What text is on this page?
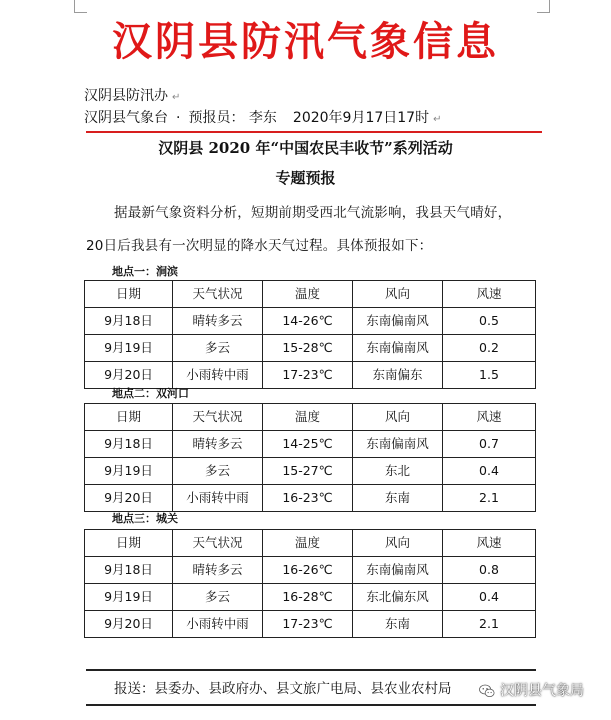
汉阴县防汛气象信息
汉阴县防汛办 ↵
汉阴县气象台 · 预报员： 李东 2020年9月17日17时 ↵
汉阴县 2020 年“中国农民丰收节”系列活动
专题预报
据最新气象资料分析，短期前期受西北气流影响，我县天气晴好，
20日后我县有一次明显的降水天气过程。具体预报如下：
地点一：涧滨
日期	天气状况	温度	风向	风速
9月18日	晴转多云	14-26℃	东南偏南风	0.5
9月19日	多云	15-28℃	东南偏南风	0.2
9月20日	小雨转中雨	17-23℃	东南偏东	1.5
地点二：双河口
日期	天气状况	温度	风向	风速
9月18日	晴转多云	14-25℃	东南偏南风	0.7
9月19日	多云	15-27℃	东北	0.4
9月20日	小雨转中雨	16-23℃	东南	2.1
地点三：城关
日期	天气状况	温度	风向	风速
9月18日	晴转多云	16-26℃	东南偏南风	0.8
9月19日	多云	16-28℃	东北偏东风	0.4
9月20日	小雨转中雨	17-23℃	东南	2.1
报送：县委办、县政府办、县文旅广电局、县农业农村局	汉阴县气象局
